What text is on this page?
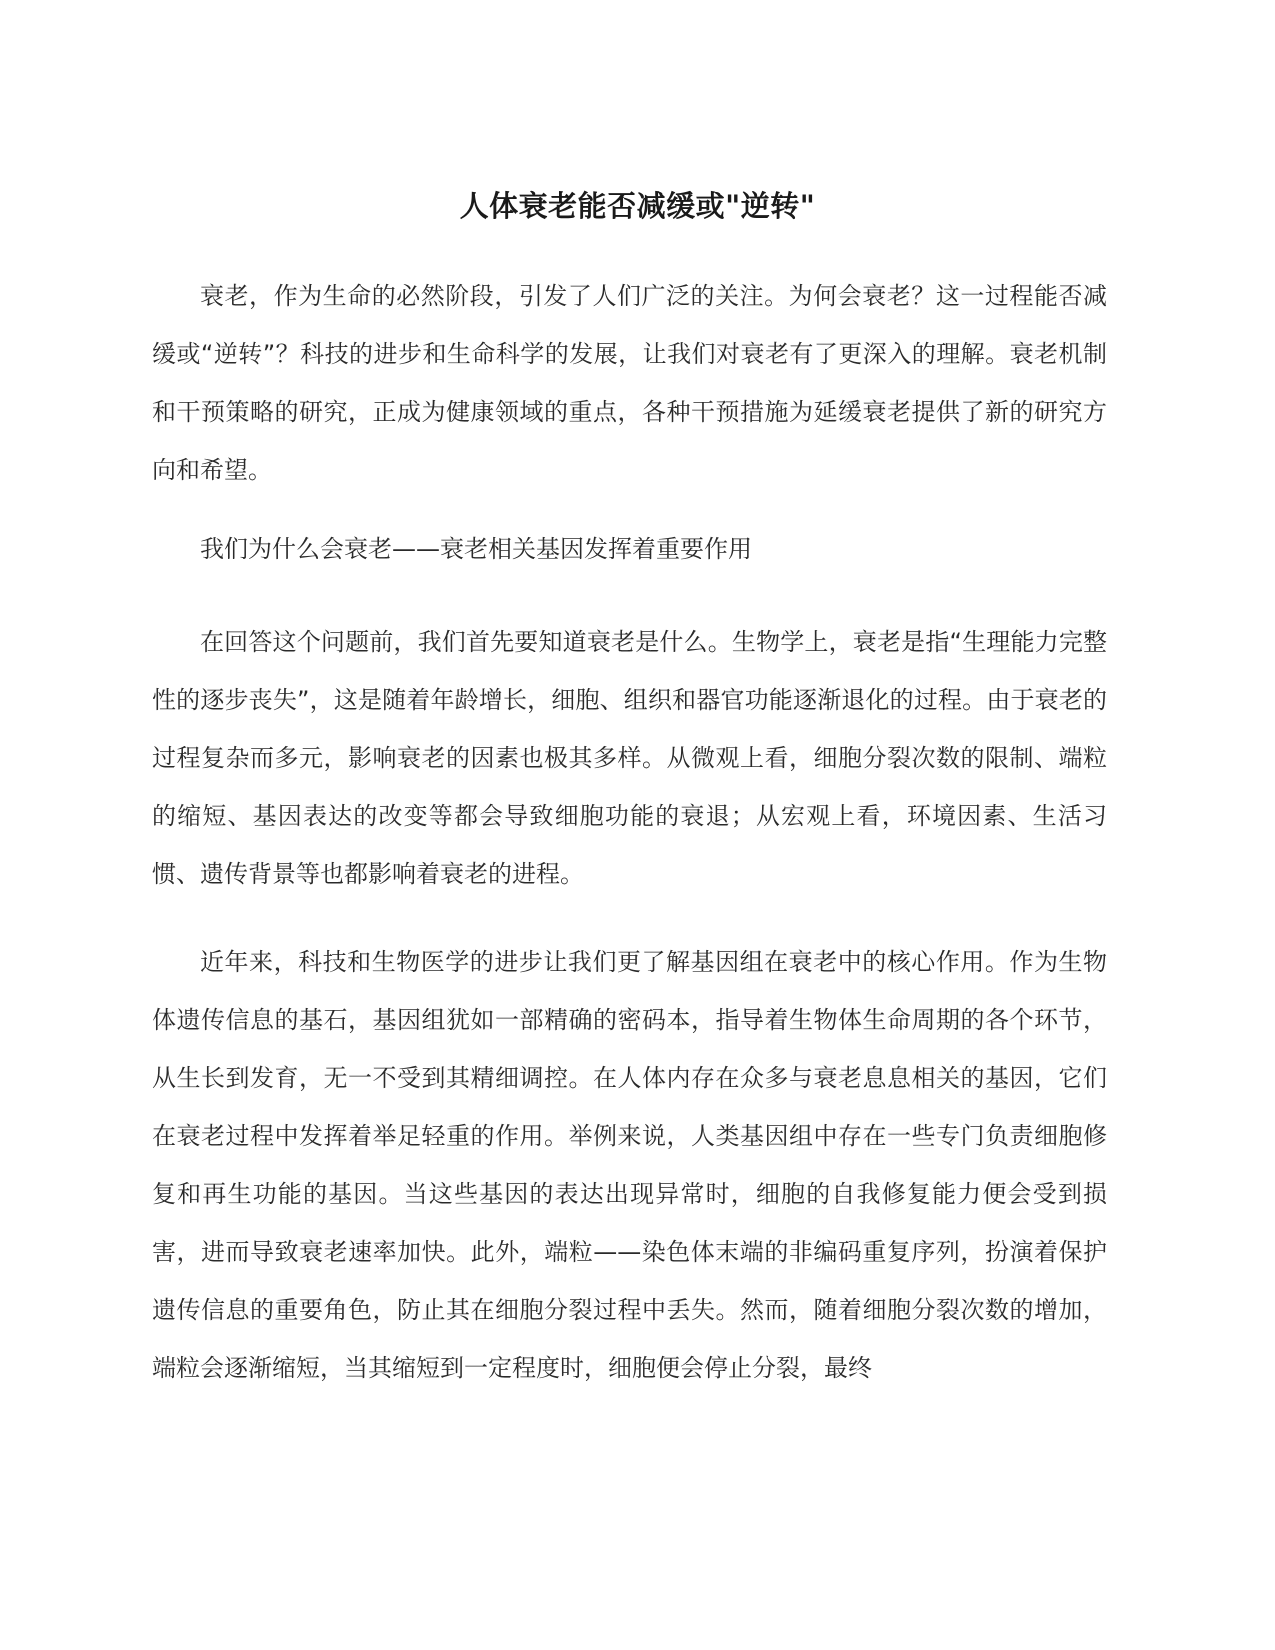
人体衰老能否减缓或"逆转"

衰老，作为生命的必然阶段，引发了人们广泛的关注。为何会衰老？这一过程能否减缓或“逆转”？科技的进步和生命科学的发展，让我们对衰老有了更深入的理解。衰老机制和干预策略的研究，正成为健康领域的重点，各种干预措施为延缓衰老提供了新的研究方向和希望。

我们为什么会衰老——衰老相关基因发挥着重要作用

在回答这个问题前，我们首先要知道衰老是什么。生物学上，衰老是指“生理能力完整性的逐步丧失”，这是随着年龄增长，细胞、组织和器官功能逐渐退化的过程。由于衰老的过程复杂而多元，影响衰老的因素也极其多样。从微观上看，细胞分裂次数的限制、端粒的缩短、基因表达的改变等都会导致细胞功能的衰退；从宏观上看，环境因素、生活习惯、遗传背景等也都影响着衰老的进程。

近年来，科技和生物医学的进步让我们更了解基因组在衰老中的核心作用。作为生物体遗传信息的基石，基因组犹如一部精确的密码本，指导着生物体生命周期的各个环节，从生长到发育，无一不受到其精细调控。在人体内存在众多与衰老息息相关的基因，它们在衰老过程中发挥着举足轻重的作用。举例来说，人类基因组中存在一些专门负责细胞修复和再生功能的基因。当这些基因的表达出现异常时，细胞的自我修复能力便会受到损害，进而导致衰老速率加快。此外，端粒——染色体末端的非编码重复序列，扮演着保护遗传信息的重要角色，防止其在细胞分裂过程中丢失。然而，随着细胞分裂次数的增加，端粒会逐渐缩短，当其缩短到一定程度时，细胞便会停止分裂，最终
